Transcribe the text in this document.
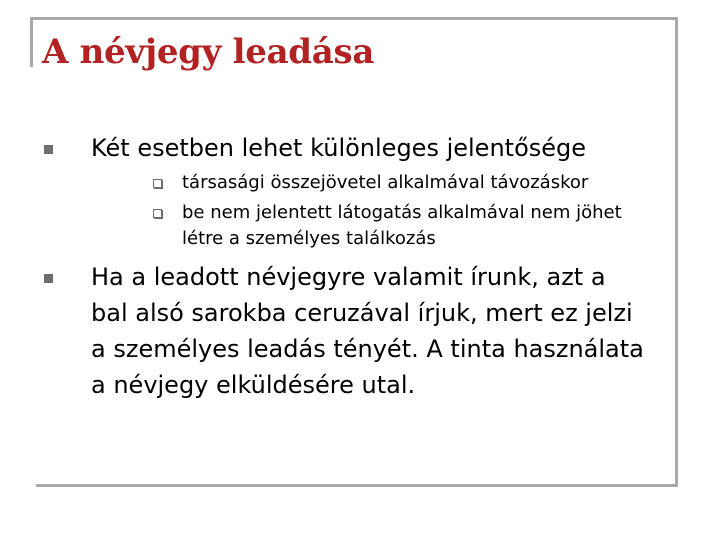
A névjegy leadása

Két esetben lehet különleges jelentősége

társasági összejövetel alkalmával távozáskor

be nem jelentett látogatás alkalmával nem jöhet

létre a személyes találkozás

Ha a leadott névjegyre valamit írunk, azt a

bal alsó sarokba ceruzával írjuk, mert ez jelzi

a személyes leadás tényét. A tinta használata

a névjegy elküldésére utal.
